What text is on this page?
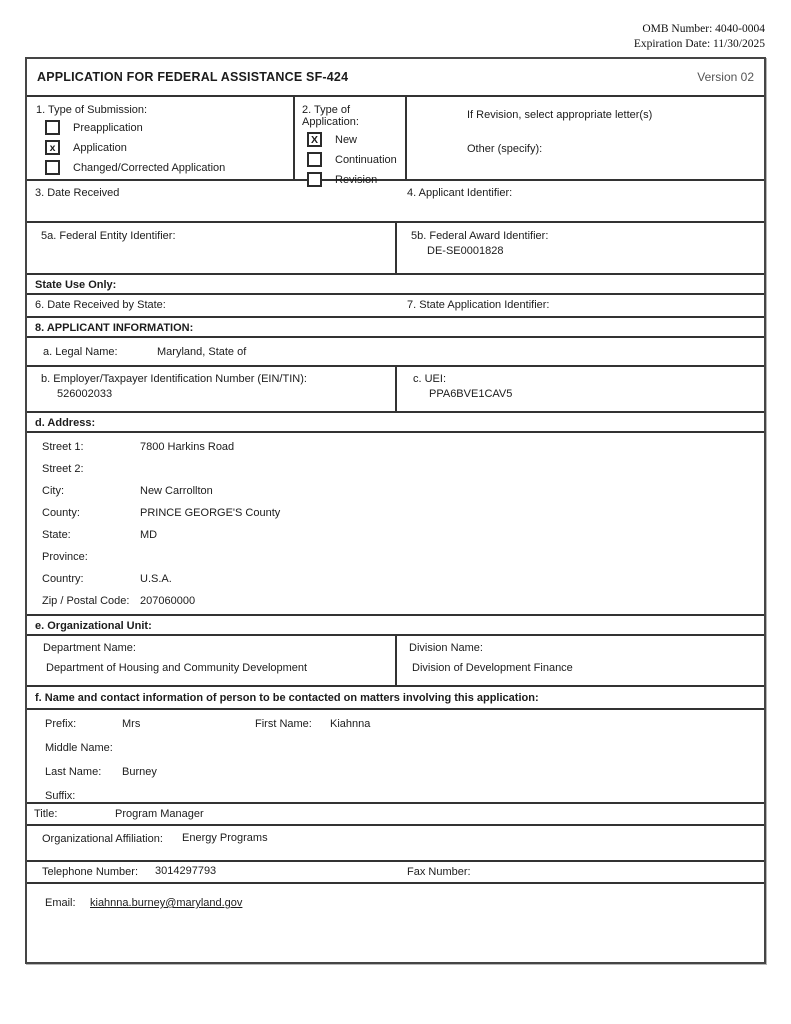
OMB Number: 4040-0004
Expiration Date: 11/30/2025
APPLICATION FOR FEDERAL ASSISTANCE SF-424	Version 02
1. Type of Submission:
Preapplication
x	Application
Changed/Corrected Application
2. Type of Application:
X	New
Continuation
Revision
If Revision, select appropriate letter(s)
Other (specify):
3. Date Received	4. Applicant Identifier:
5a. Federal Entity Identifier:	5b. Federal Award Identifier:
DE-SE0001828
State Use Only:
6. Date Received by State:	7. State Application Identifier:
8. APPLICANT INFORMATION:
a. Legal Name:	Maryland, State of
b. Employer/Taxpayer Identification Number (EIN/TIN):
526002033
c. UEI:
PPA6BVE1CAV5
d. Address:
Street 1:	7800 Harkins Road
Street 2:
City:	New Carrollton
County:	PRINCE GEORGE'S County
State:	MD
Province:
Country:	U.S.A.
Zip / Postal Code: 207060000
e. Organizational Unit:
Department Name:
Department of Housing and Community Development
Division Name:
Division of Development Finance
f. Name and contact information of person to be contacted on matters involving this application:
Prefix:	Mrs	First Name: Kiahnna
Middle Name:
Last Name: Burney
Suffix:
Title:	Program Manager
Organizational Affiliation: Energy Programs
Telephone Number: 3014297793	Fax Number:
Email: kiahnna.burney@maryland.gov
